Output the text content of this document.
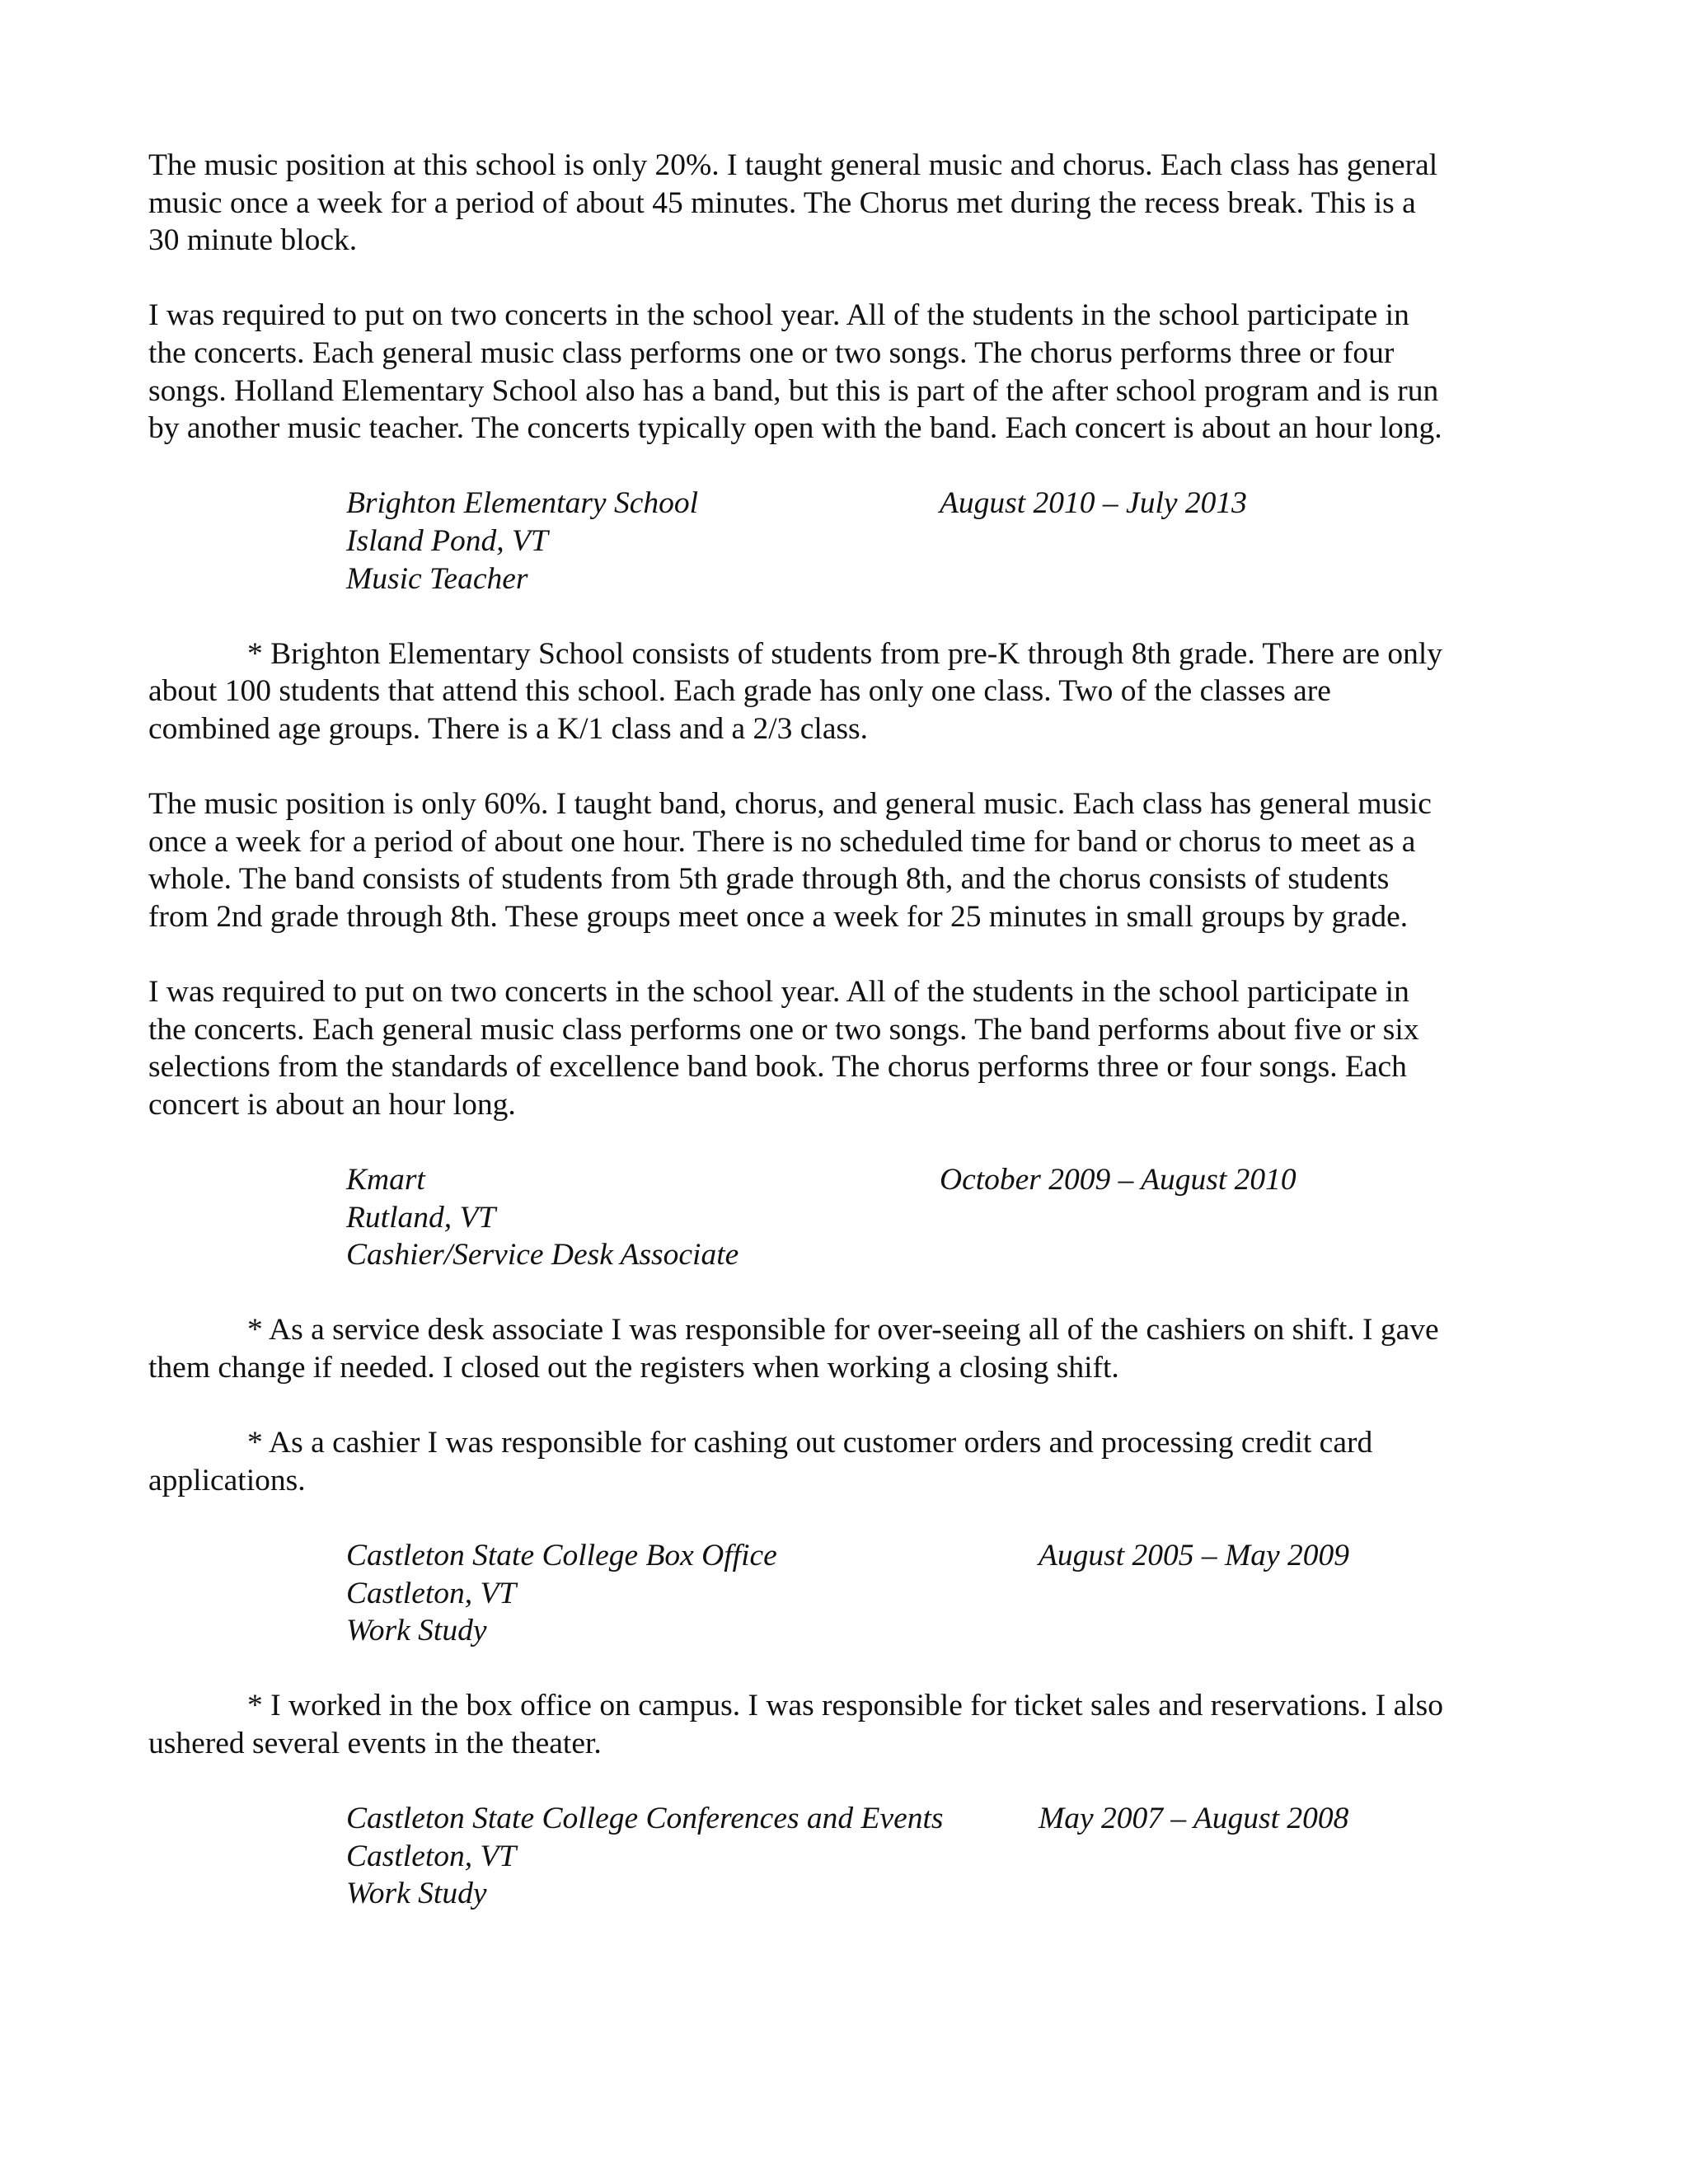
The music position at this school is only 20%. I taught general music and chorus. Each class has general
music once a week for a period of about 45 minutes. The Chorus met during the recess break. This is a
30 minute block.
I was required to put on two concerts in the school year. All of the students in the school participate in
the concerts. Each general music class performs one or two songs. The chorus performs three or four
songs. Holland Elementary School also has a band, but this is part of the after school program and is run
by another music teacher. The concerts typically open with the band. Each concert is about an hour long.
Brighton Elementary School	August 2010 – July 2013
Island Pond, VT
Music Teacher
* Brighton Elementary School consists of students from pre-K through 8th grade. There are only
about 100 students that attend this school. Each grade has only one class. Two of the classes are
combined age groups. There is a K/1 class and a 2/3 class.
The music position is only 60%. I taught band, chorus, and general music. Each class has general music
once a week for a period of about one hour. There is no scheduled time for band or chorus to meet as a
whole. The band consists of students from 5th grade through 8th, and the chorus consists of students
from 2nd grade through 8th. These groups meet once a week for 25 minutes in small groups by grade.
I was required to put on two concerts in the school year. All of the students in the school participate in
the concerts. Each general music class performs one or two songs. The band performs about five or six
selections from the standards of excellence band book. The chorus performs three or four songs. Each
concert is about an hour long.
Kmart	October 2009 – August 2010
Rutland, VT
Cashier/Service Desk Associate
* As a service desk associate I was responsible for over-seeing all of the cashiers on shift. I gave
them change if needed. I closed out the registers when working a closing shift.
* As a cashier I was responsible for cashing out customer orders and processing credit card
applications.
Castleton State College Box Office	August 2005 – May 2009
Castleton, VT
Work Study
* I worked in the box office on campus. I was responsible for ticket sales and reservations. I also
ushered several events in the theater.
Castleton State College Conferences and Events	May 2007 – August 2008
Castleton, VT
Work Study
